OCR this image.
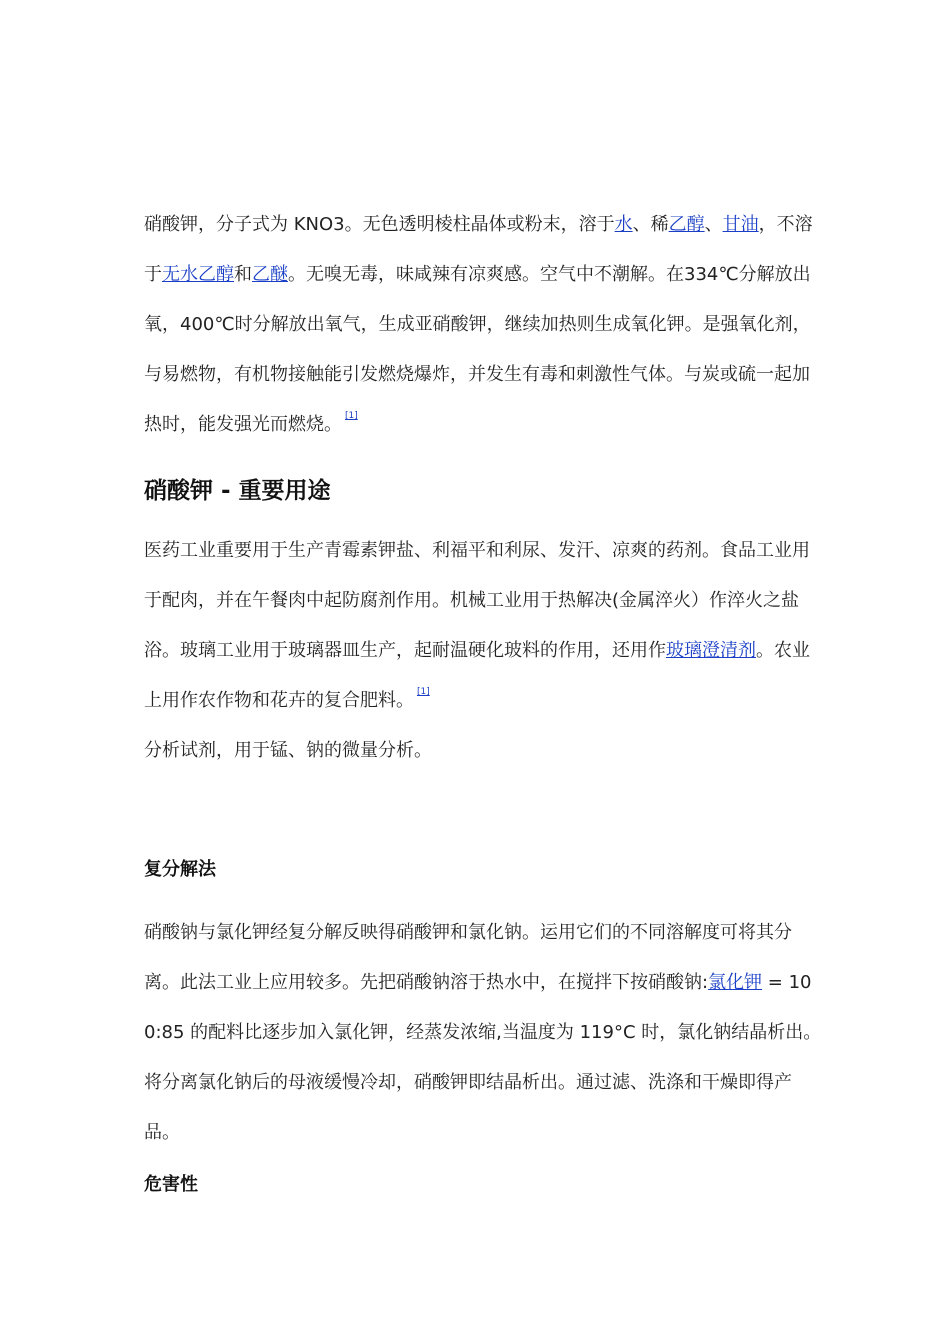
硝酸钾，分子式为 KNO3。无色透明棱柱晶体或粉末，溶于水、稀乙醇、甘油，不溶于无水乙醇和乙醚。无嗅无毒，味咸辣有凉爽感。空气中不潮解。在334℃分解放出氧，400℃时分解放出氧气，生成亚硝酸钾，继续加热则生成氧化钾。是强氧化剂，与易燃物，有机物接触能引发燃烧爆炸，并发生有毒和刺激性气体。与炭或硫一起加热时，能发强光而燃烧。 [1]

硝酸钾 - 重要用途

医药工业重要用于生产青霉素钾盐、利福平和利尿、发汗、凉爽的药剂。食品工业用于配肉，并在午餐肉中起防腐剂作用。机械工业用于热解决(金属淬火）作淬火之盐浴。玻璃工业用于玻璃器皿生产，起耐温硬化玻料的作用，还用作玻璃澄清剂。农业上用作农作物和花卉的复合肥料。 [1]

分析试剂，用于锰、钠的微量分析。

复分解法

硝酸钠与氯化钾经复分解反映得硝酸钾和氯化钠。运用它们的不同溶解度可将其分离。此法工业上应用较多。先把硝酸钠溶于热水中，在搅拌下按硝酸钠:氯化钾 = 100:85 的配料比逐步加入氯化钾，经蒸发浓缩,当温度为 119°C 时，氯化钠结晶析出。将分离氯化钠后的母液缓慢冷却，硝酸钾即结晶析出。通过滤、洗涤和干燥即得产品。

危害性
